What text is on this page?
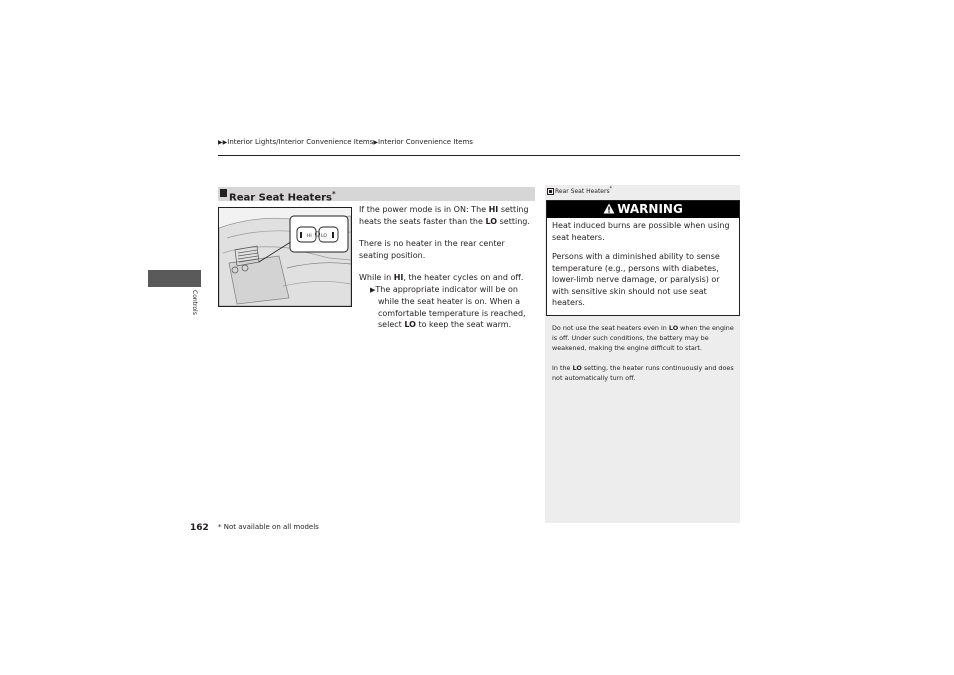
▶▶Interior Lights/Interior Convenience Items▶Interior Convenience Items
Controls
Rear Seat Heaters*
HI LO

If the power mode is in ON: The HI setting heats the seats faster than the LO setting.

There is no heater in the rear center seating position.

While in HI, the heater cycles on and off.

▶The appropriate indicator will be on while the seat heater is on. When a comfortable temperature is reached, select LO to keep the seat warm.

Rear Seat Heaters*
WARNING

Heat induced burns are possible when using seat heaters.

Persons with a diminished ability to sense temperature (e.g., persons with diabetes, lower-limb nerve damage, or paralysis) or with sensitive skin should not use seat heaters.

Do not use the seat heaters even in LO when the engine is off. Under such conditions, the battery may be weakened, making the engine difficult to start.

In the LO setting, the heater runs continuously and does not automatically turn off.

162 * Not available on all models
